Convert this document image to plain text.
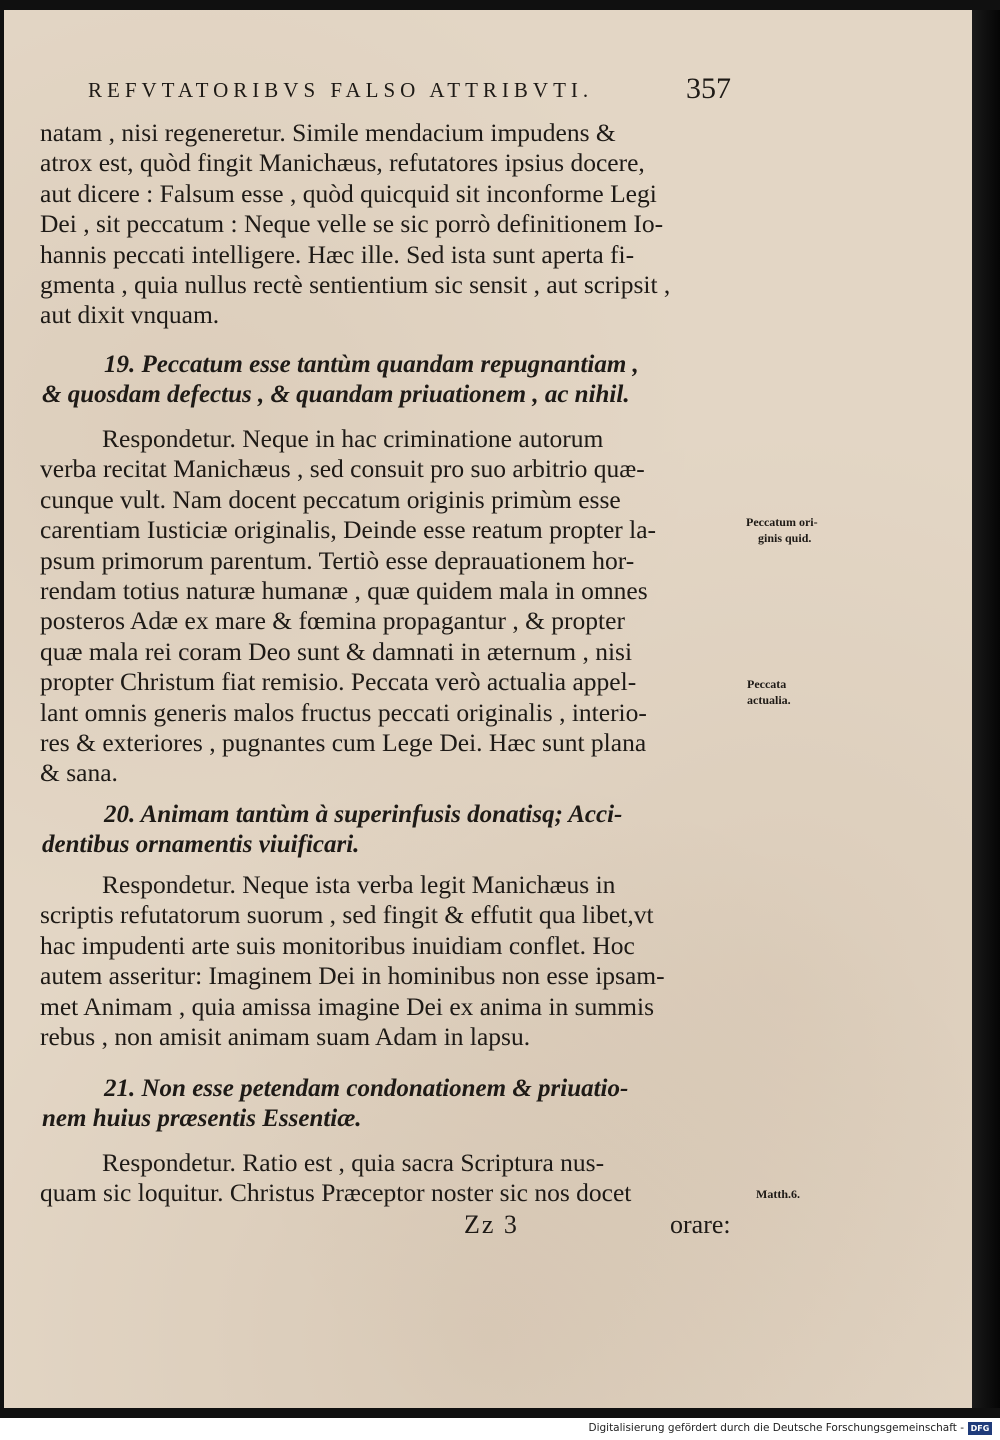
REFVTATORIBVS FALSO ATTRIBVTI.	357
natam , nisi regeneretur. Simile mendacium impudens &
atrox est, quòd fingit Manichæus, refutatores ipsius docere,
aut dicere : Falsum esse , quòd quicquid sit inconforme Legi
Dei , sit peccatum : Neque velle se sic porrò definitionem Io-
hannis peccati intelligere. Hæc ille. Sed ista sunt aperta fi-
gmenta , quia nullus rectè sentientium sic sensit , aut scripsit ,
aut dixit vnquam.
19. Peccatum esse tantùm quandam repugnantiam ,
& quosdam defectus , & quandam priuationem , ac nihil.
Respondetur. Neque in hac criminatione autorum
verba recitat Manichæus , sed consuit pro suo arbitrio quæ-
cunque vult. Nam docent peccatum originis primùm esse
carentiam Iusticiæ originalis, Deinde esse reatum propter la-
psum primorum parentum. Tertiò esse deprauationem hor-
rendam totius naturæ humanæ , quæ quidem mala in omnes
posteros Adæ ex mare & fœmina propagantur , & propter
quæ mala rei coram Deo sunt & damnati in æternum , nisi
propter Christum fiat remisio. Peccata verò actualia appel-
lant omnis generis malos fructus peccati originalis , interio-
res & exteriores , pugnantes cum Lege Dei. Hæc sunt plana
& sana.
20. Animam tantùm à superinfusis donatisq; Acci-
dentibus ornamentis viuificari.
Respondetur. Neque ista verba legit Manichæus in
scriptis refutatorum suorum , sed fingit & effutit qua libet,vt
hac impudenti arte suis monitoribus inuidiam conflet. Hoc
autem asseritur: Imaginem Dei in hominibus non esse ipsam-
met Animam , quia amissa imagine Dei ex anima in summis
rebus , non amisit animam suam Adam in lapsu.
21. Non esse petendam condonationem & priuatio-
nem huius præsentis Essentiæ.
Respondetur. Ratio est , quia sacra Scriptura nus-
quam sic loquitur. Christus Præceptor noster sic nos docet
Peccatum ori-
ginis quid.
Peccata
actualia.
Matth.6.
Zz 3	orare:
Digitalisierung gefördert durch die Deutsche Forschungsgemeinschaft - DFG
